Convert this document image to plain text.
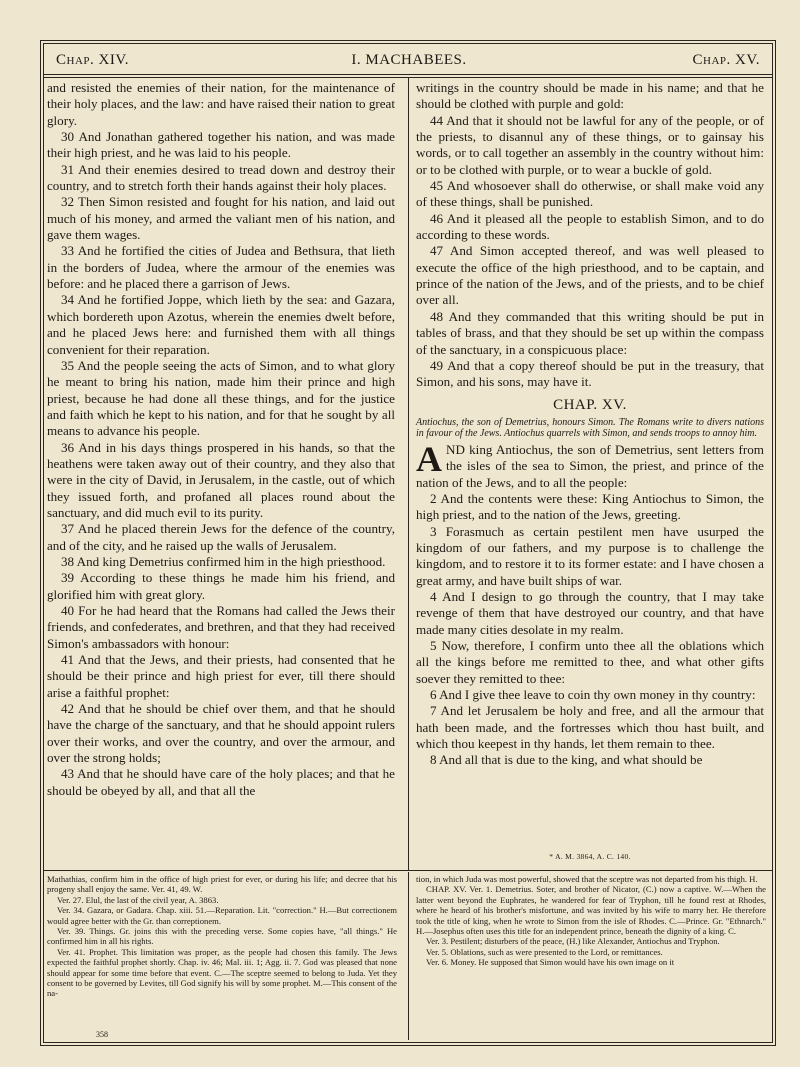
Chap. XIV.	I. MACHABEES.	Chap. XV.

and resisted the enemies of their nation, for the maintenance of their holy places, and the law: and have raised their nation to great glory.

30 And Jonathan gathered together his nation, and was made their high priest, and he was laid to his people.

31 And their enemies desired to tread down and destroy their country, and to stretch forth their hands against their holy places.

32 Then Simon resisted and fought for his nation, and laid out much of his money, and armed the valiant men of his nation, and gave them wages.

33 And he fortified the cities of Judea and Bethsura, that lieth in the borders of Judea, where the armour of the enemies was before: and he placed there a garrison of Jews.

34 And he fortified Joppe, which lieth by the sea: and Gazara, which bordereth upon Azotus, wherein the enemies dwelt before, and he placed Jews here: and furnished them with all things convenient for their reparation.

35 And the people seeing the acts of Simon, and to what glory he meant to bring his nation, made him their prince and high priest, because he had done all these things, and for the justice and faith which he kept to his nation, and for that he sought by all means to advance his people.

36 And in his days things prospered in his hands, so that the heathens were taken away out of their country, and they also that were in the city of David, in Jerusalem, in the castle, out of which they issued forth, and profaned all places round about the sanctuary, and did much evil to its purity.

37 And he placed therein Jews for the defence of the country, and of the city, and he raised up the walls of Jerusalem.

38 And king Demetrius confirmed him in the high priesthood.

39 According to these things he made him his friend, and glorified him with great glory.

40 For he had heard that the Romans had called the Jews their friends, and confederates, and brethren, and that they had received Simon's ambassadors with honour:

41 And that the Jews, and their priests, had consented that he should be their prince and high priest for ever, till there should arise a faithful prophet:

42 And that he should be chief over them, and that he should have the charge of the sanctuary, and that he should appoint rulers over their works, and over the country, and over the armour, and over the strong holds;

43 And that he should have care of the holy places; and that he should be obeyed by all, and that all the

writings in the country should be made in his name; and that he should be clothed with purple and gold:

44 And that it should not be lawful for any of the people, or of the priests, to disannul any of these things, or to gainsay his words, or to call together an assembly in the country without him: or to be clothed with purple, or to wear a buckle of gold.

45 And whosoever shall do otherwise, or shall make void any of these things, shall be punished.

46 And it pleased all the people to establish Simon, and to do according to these words.

47 And Simon accepted thereof, and was well pleased to execute the office of the high priesthood, and to be captain, and prince of the nation of the Jews, and of the priests, and to be chief over all.

48 And they commanded that this writing should be put in tables of brass, and that they should be set up within the compass of the sanctuary, in a conspicuous place:

49 And that a copy thereof should be put in the treasury, that Simon, and his sons, may have it.

CHAP. XV.
Antiochus, the son of Demetrius, honours Simon. The Romans write to divers nations in favour of the Jews. Antiochus quarrels with Simon, and sends troops to annoy him.

AND king Antiochus, the son of Demetrius, sent letters from the isles of the sea to Simon, the priest, and prince of the nation of the Jews, and to all the people:

2 And the contents were these: King Antiochus to Simon, the high priest, and to the nation of the Jews, greeting.

3 Forasmuch as certain pestilent men have usurped the kingdom of our fathers, and my purpose is to challenge the kingdom, and to restore it to its former estate: and I have chosen a great army, and have built ships of war.

4 And I design to go through the country, that I may take revenge of them that have destroyed our country, and that have made many cities desolate in my realm.

5 Now, therefore, I confirm unto thee all the oblations which all the kings before me remitted to thee, and what other gifts soever they remitted to thee:

6 And I give thee leave to coin thy own money in thy country:

7 And let Jerusalem be holy and free, and all the armour that hath been made, and the fortresses which thou hast built, and which thou keepest in thy hands, let them remain to thee.

8 And all that is due to the king, and what should be

* A. M. 3864, A. C. 140.

Mathathias, confirm him in the office of high priest for ever, or during his life; and decree that his progeny shall enjoy the same. Ver. 41, 49. W.

Ver. 27. Elul, the last of the civil year, A. 3863.

Ver. 34. Gazara, or Gadara. Chap. xiii. 51.—Reparation. Lit. "correction." H.—But correctionem would agree better with the Gr. than correptionem.

Ver. 39. Things. Gr. joins this with the preceding verse. Some copies have, "all things." He confirmed him in all his rights.

Ver. 41. Prophet. This limitation was proper, as the people had chosen this family. The Jews expected the faithful prophet shortly. Chap. iv. 46; Mal. iii. 1; Agg. ii. 7. God was pleased that none should appear for some time before that event. C.—The sceptre seemed to belong to Juda. Yet they consent to be governed by Levites, till God signify his will by some prophet. M.—This consent of the na-

tion, in which Juda was most powerful, showed that the sceptre was not departed from his thigh. H.

CHAP. XV. Ver. 1. Demetrius. Soter, and brother of Nicator, (C.) now a captive. W.—When the latter went beyond the Euphrates, he wandered for fear of Tryphon, till he found rest at Rhodes, where he heard of his brother's misfortune, and was invited by his wife to marry her. He therefore took the title of king, when he wrote to Simon from the isle of Rhodes. C.—Prince. Gr. "Ethnarch." H.—Josephus often uses this title for an independent prince, beneath the dignity of a king. C.

Ver. 3. Pestilent; disturbers of the peace, (H.) like Alexander, Antiochus and Tryphon.

Ver. 5. Oblations, such as were presented to the Lord, or remittances.

Ver. 6. Money. He supposed that Simon would have his own image on it

358
